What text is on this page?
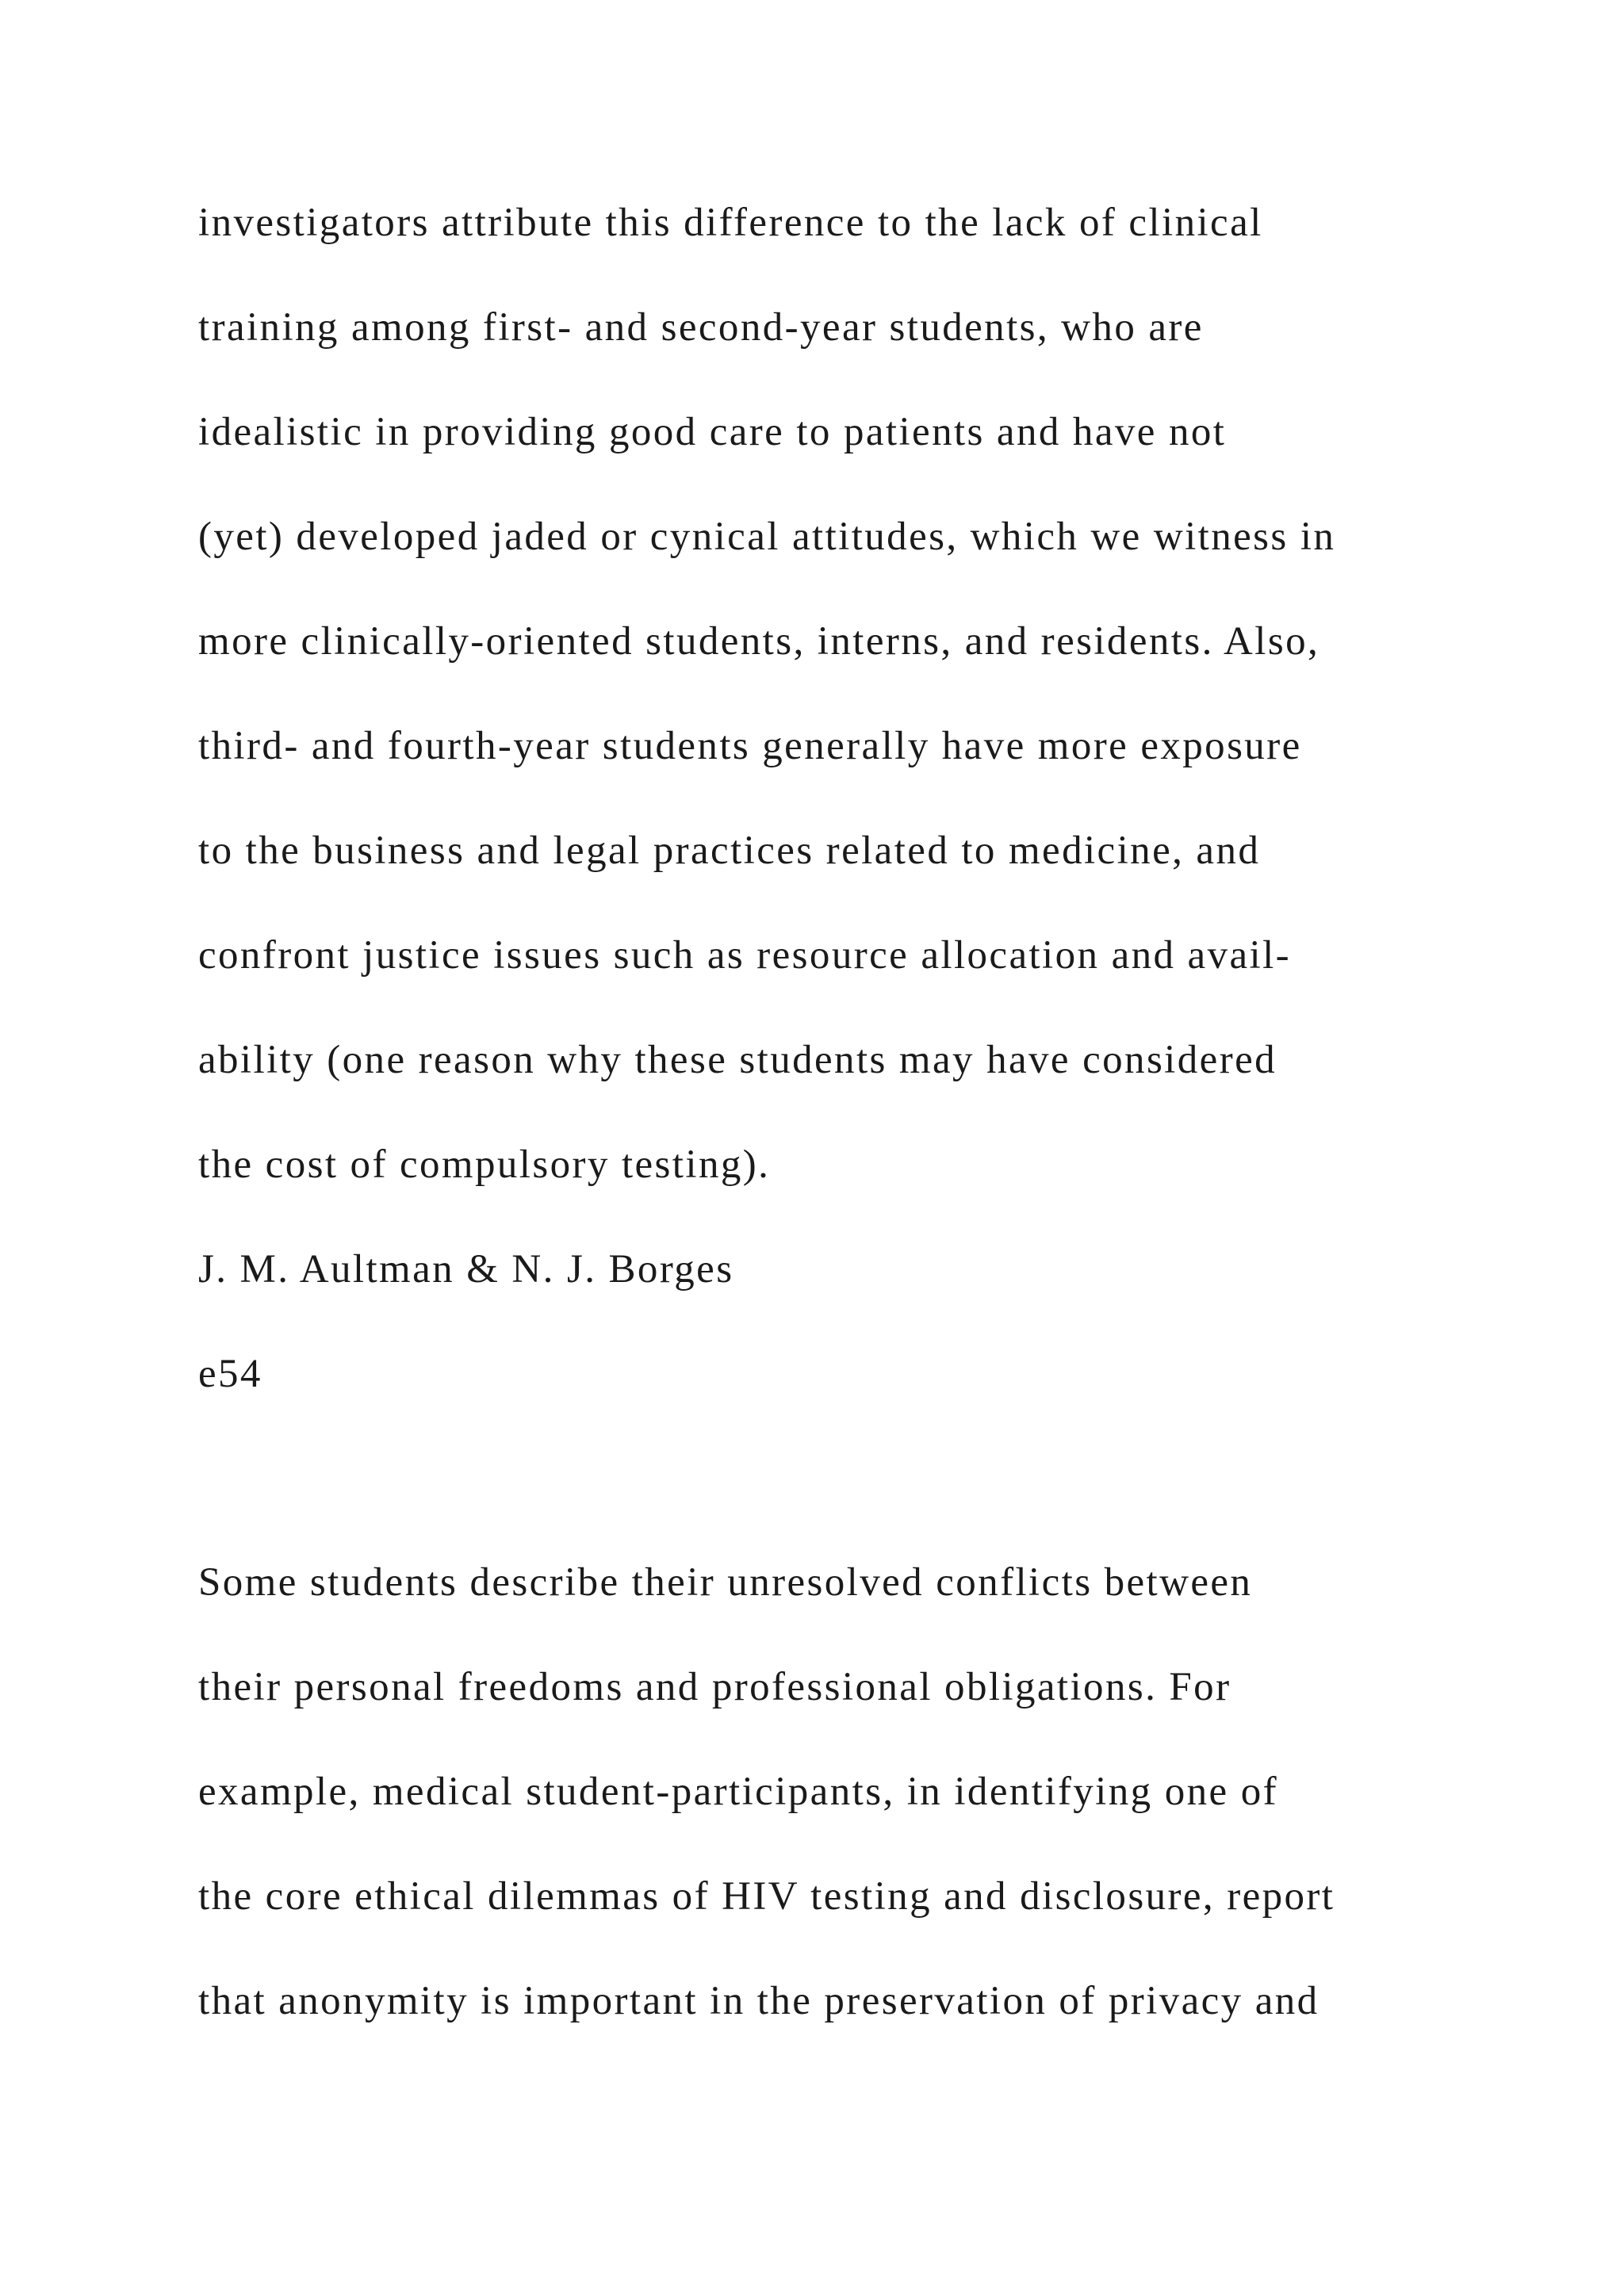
investigators attribute this difference to the lack of clinical
training among first- and second-year students, who are
idealistic in providing good care to patients and have not
(yet) developed jaded or cynical attitudes, which we witness in
more clinically-oriented students, interns, and residents. Also,
third- and fourth-year students generally have more exposure
to the business and legal practices related to medicine, and
confront justice issues such as resource allocation and avail-
ability (one reason why these students may have considered
the cost of compulsory testing).
J. M. Aultman & N. J. Borges
e54
Some students describe their unresolved conflicts between
their personal freedoms and professional obligations. For
example, medical student-participants, in identifying one of
the core ethical dilemmas of HIV testing and disclosure, report
that anonymity is important in the preservation of privacy and
